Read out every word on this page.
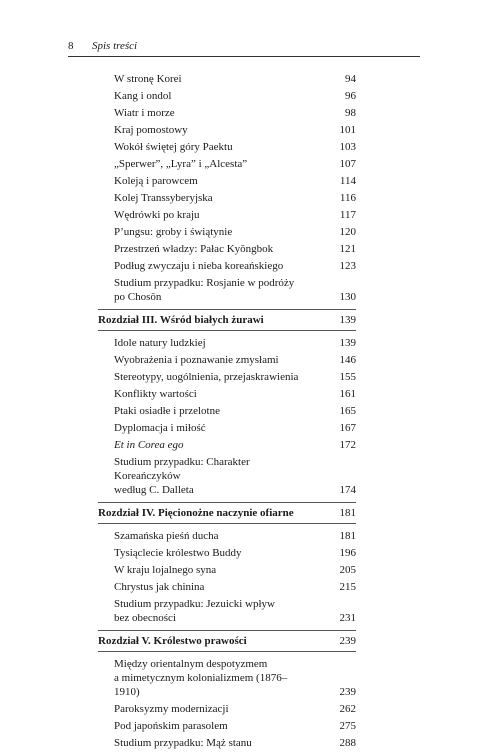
8 Spis treści
W stronę Korei	94
Kang i ondol	96
Wiatr i morze	98
Kraj pomostowy	101
Wokół świętej góry Paektu	103
„Sperwer”, „Lyra” i „Alcesta”	107
Koleją i parowcem	114
Kolej Transsyberyjska	116
Wędrówki po kraju	117
P’ungsu: groby i świątynie	120
Przestrzeń władzy: Pałac Kyŏngbok	121
Podług zwyczaju i nieba koreańskiego	123
Studium przypadku: Rosjanie w podróży
po Chosŏn	130
Rozdział III. Wśród białych żurawi	139
Idole natury ludzkiej	139
Wyobrażenia i poznawanie zmysłami	146
Stereotypy, uogólnienia, przejaskrawienia	155
Konflikty wartości	161
Ptaki osiadłe i przelotne	165
Dyplomacja i miłość	167
Et in Corea ego	172
Studium przypadku: Charakter Koreańczyków
według C. Dalleta	174
Rozdział IV. Pięcionożne naczynie ofiarne	181
Szamańska pieśń ducha	181
Tysiąclecie królestwo Buddy	196
W kraju lojalnego syna	205
Chrystus jak chinina	215
Studium przypadku: Jezuicki wpływ
bez obecności	231
Rozdział V. Królestwo prawości	239
Między orientalnym despotyzmem
a mimetycznym kolonializmem (1876–1910)	239
Paroksyzmy modernizacji	262
Pod japońskim parasolem	275
Studium przypadku: Mąż stanu	288
